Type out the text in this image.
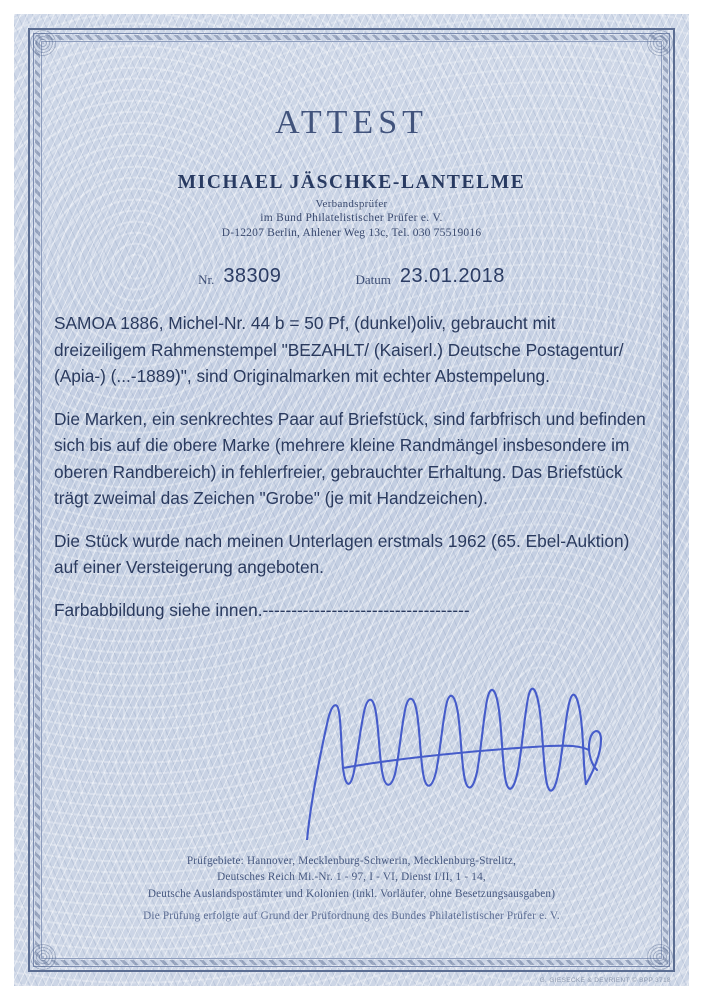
ATTEST
MICHAEL JÄSCHKE-LANTELME
Verbandsprüfer
im Bund Philatelistischer Prüfer e. V.
D-12207 Berlin, Ahlener Weg 13c, Tel. 030 75519016
Nr. 38309	Datum 23.01.2018

SAMOA 1886, Michel-Nr. 44 b = 50 Pf, (dunkel)oliv, gebraucht mit dreizeiligem Rahmenstempel "BEZAHLT/ (Kaiserl.) Deutsche Postagentur/ (Apia-) (...-1889)", sind Originalmarken mit echter Abstempelung.

Die Marken, ein senkrechtes Paar auf Briefstück, sind farbfrisch und befinden sich bis auf die obere Marke (mehrere kleine Randmängel insbesondere im oberen Randbereich) in fehlerfreier, gebrauchter Erhaltung. Das Briefstück trägt zweimal das Zeichen "Grobe" (je mit Handzeichen).

Die Stück wurde nach meinen Unterlagen erstmals 1962 (65. Ebel-Auktion) auf einer Versteigerung angeboten.

Farbabbildung siehe innen.------------------------------------

Prüfgebiete: Hannover, Mecklenburg-Schwerin, Mecklenburg-Strelitz,
Deutsches Reich Mi.-Nr. 1 - 97, I - VI, Dienst I/II, 1 - 14,
Deutsche Auslandspostämter und Kolonien (inkl. Vorläufer, ohne Besetzungsausgaben)
Die Prüfung erfolgte auf Grund der Prüfordnung des Bundes Philatelistischer Prüfer e. V.
G. GIESECKE & DEVRIENT © BPP 3718
